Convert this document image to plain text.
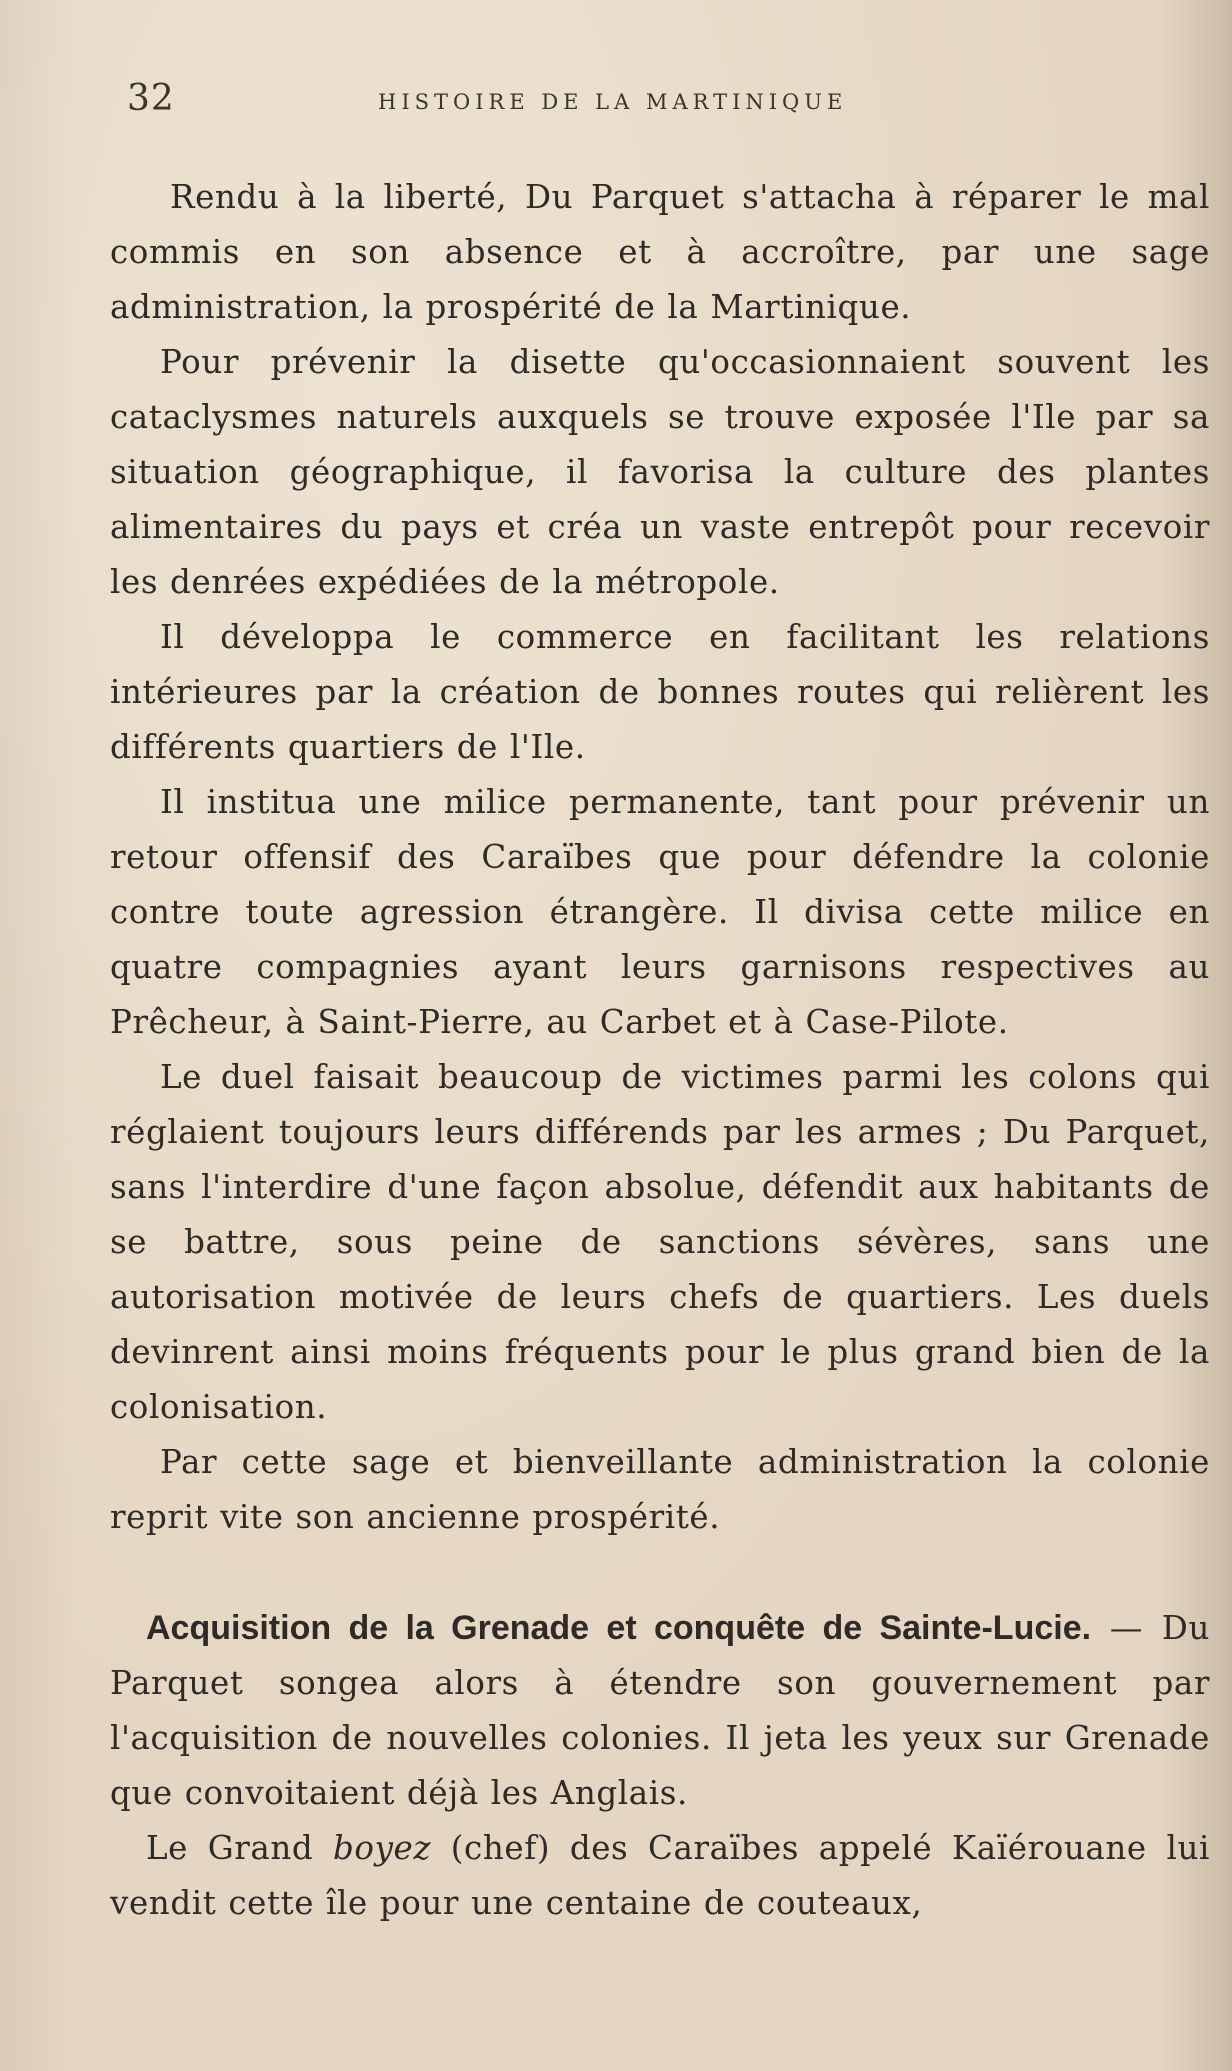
32	HISTOIRE DE LA MARTINIQUE

Rendu à la liberté, Du Parquet s'attacha à réparer le mal commis en son absence et à accroître, par une sage administration, la prospérité de la Martinique.

Pour prévenir la disette qu'occasionnaient souvent les cataclysmes naturels auxquels se trouve exposée l'Ile par sa situation géographique, il favorisa la culture des plantes alimentaires du pays et créa un vaste entrepôt pour recevoir les denrées expédiées de la métropole.

Il développa le commerce en facilitant les relations intérieures par la création de bonnes routes qui relièrent les différents quartiers de l'Ile.

Il institua une milice permanente, tant pour prévenir un retour offensif des Caraïbes que pour défendre la colonie contre toute agression étrangère. Il divisa cette milice en quatre compagnies ayant leurs garnisons respectives au Prêcheur, à Saint-Pierre, au Carbet et à Case-Pilote.

Le duel faisait beaucoup de victimes parmi les colons qui réglaient toujours leurs différends par les armes ; Du Parquet, sans l'interdire d'une façon absolue, défendit aux habitants de se battre, sous peine de sanctions sévères, sans une autorisation motivée de leurs chefs de quartiers. Les duels devinrent ainsi moins fréquents pour le plus grand bien de la colonisation.

Par cette sage et bienveillante administration la colonie reprit vite son ancienne prospérité.

Acquisition de la Grenade et conquête de Sainte-Lucie. — Du Parquet songea alors à étendre son gouvernement par l'acquisition de nouvelles colonies. Il jeta les yeux sur Grenade que convoitaient déjà les Anglais.

Le Grand boyez (chef) des Caraïbes appelé Kaïérouane lui vendit cette île pour une centaine de couteaux,
